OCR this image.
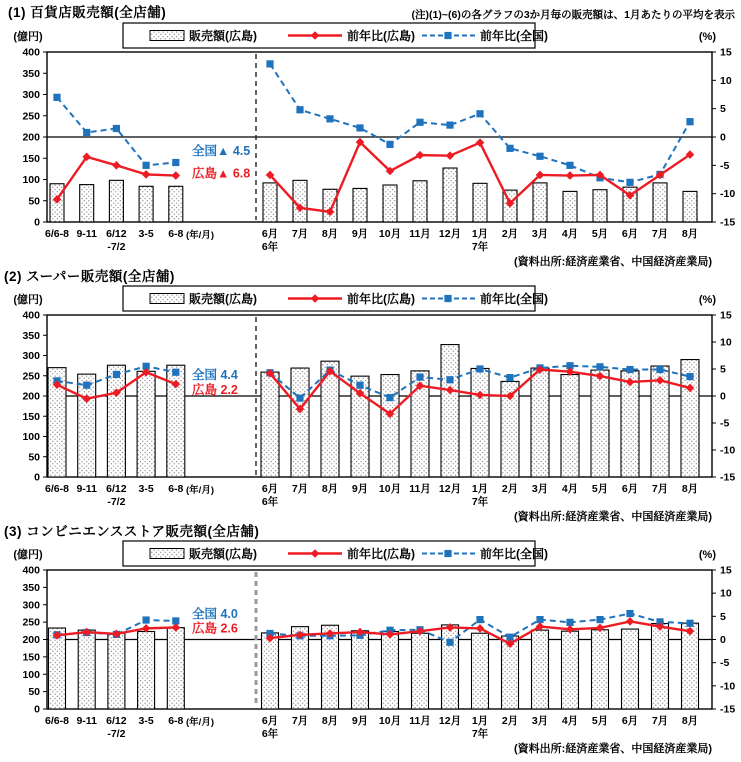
(1) 百貨店販売額(全店舗)	(注)(1)~(6)の各グラフの3か月毎の販売額は、1月あたりの平均を表示
(億円)	(%)
400
350
300
250
200
150
100
50
0
15
10
5
0
-5
-10
-15
6/6-8 9-11 6/12
-7/2
3-5 6-8 (年/月)	6月
6年
7月 8月 9月 10月 11月 12月 1月
7年
2月 3月 4月 5月 6月 7月 8月
全国▲ 4.5
広島▲ 6.8
販売額(広島)	前年比(広島)	前年比(全国)
(資料出所:経済産業省、中国経済産業局)
(2) スーパー販売額(全店舗)
(億円)	(%)
400
350
300
250
200
150
100
50
0
15
10
5
0
-5
-10
-15
6/6-8 9-11 6/12
-7/2
3-5 6-8 (年/月)	6月
6年
7月 8月 9月 10月 11月 12月 1月
7年
2月 3月 4月 5月 6月 7月 8月
全国 4.4
広島 2.2
販売額(広島)	前年比(広島)	前年比(全国)
(資料出所:経済産業省、中国経済産業局)
(3) コンビニエンスストア販売額(全店舗)
(億円)	(%)
400
350
300
250
200
150
100
50
0
15
10
5
0
-5
-10
-15
6/6-8 9-11 6/12
-7/2
3-5 6-8 (年/月)	6月
6年
7月 8月 9月 10月 11月 12月 1月
7年
2月 3月 4月 5月 6月 7月 8月
全国 4.0
広島 2.6
販売額(広島)	前年比(広島)	前年比(全国)
(資料出所:経済産業省、中国経済産業局)
